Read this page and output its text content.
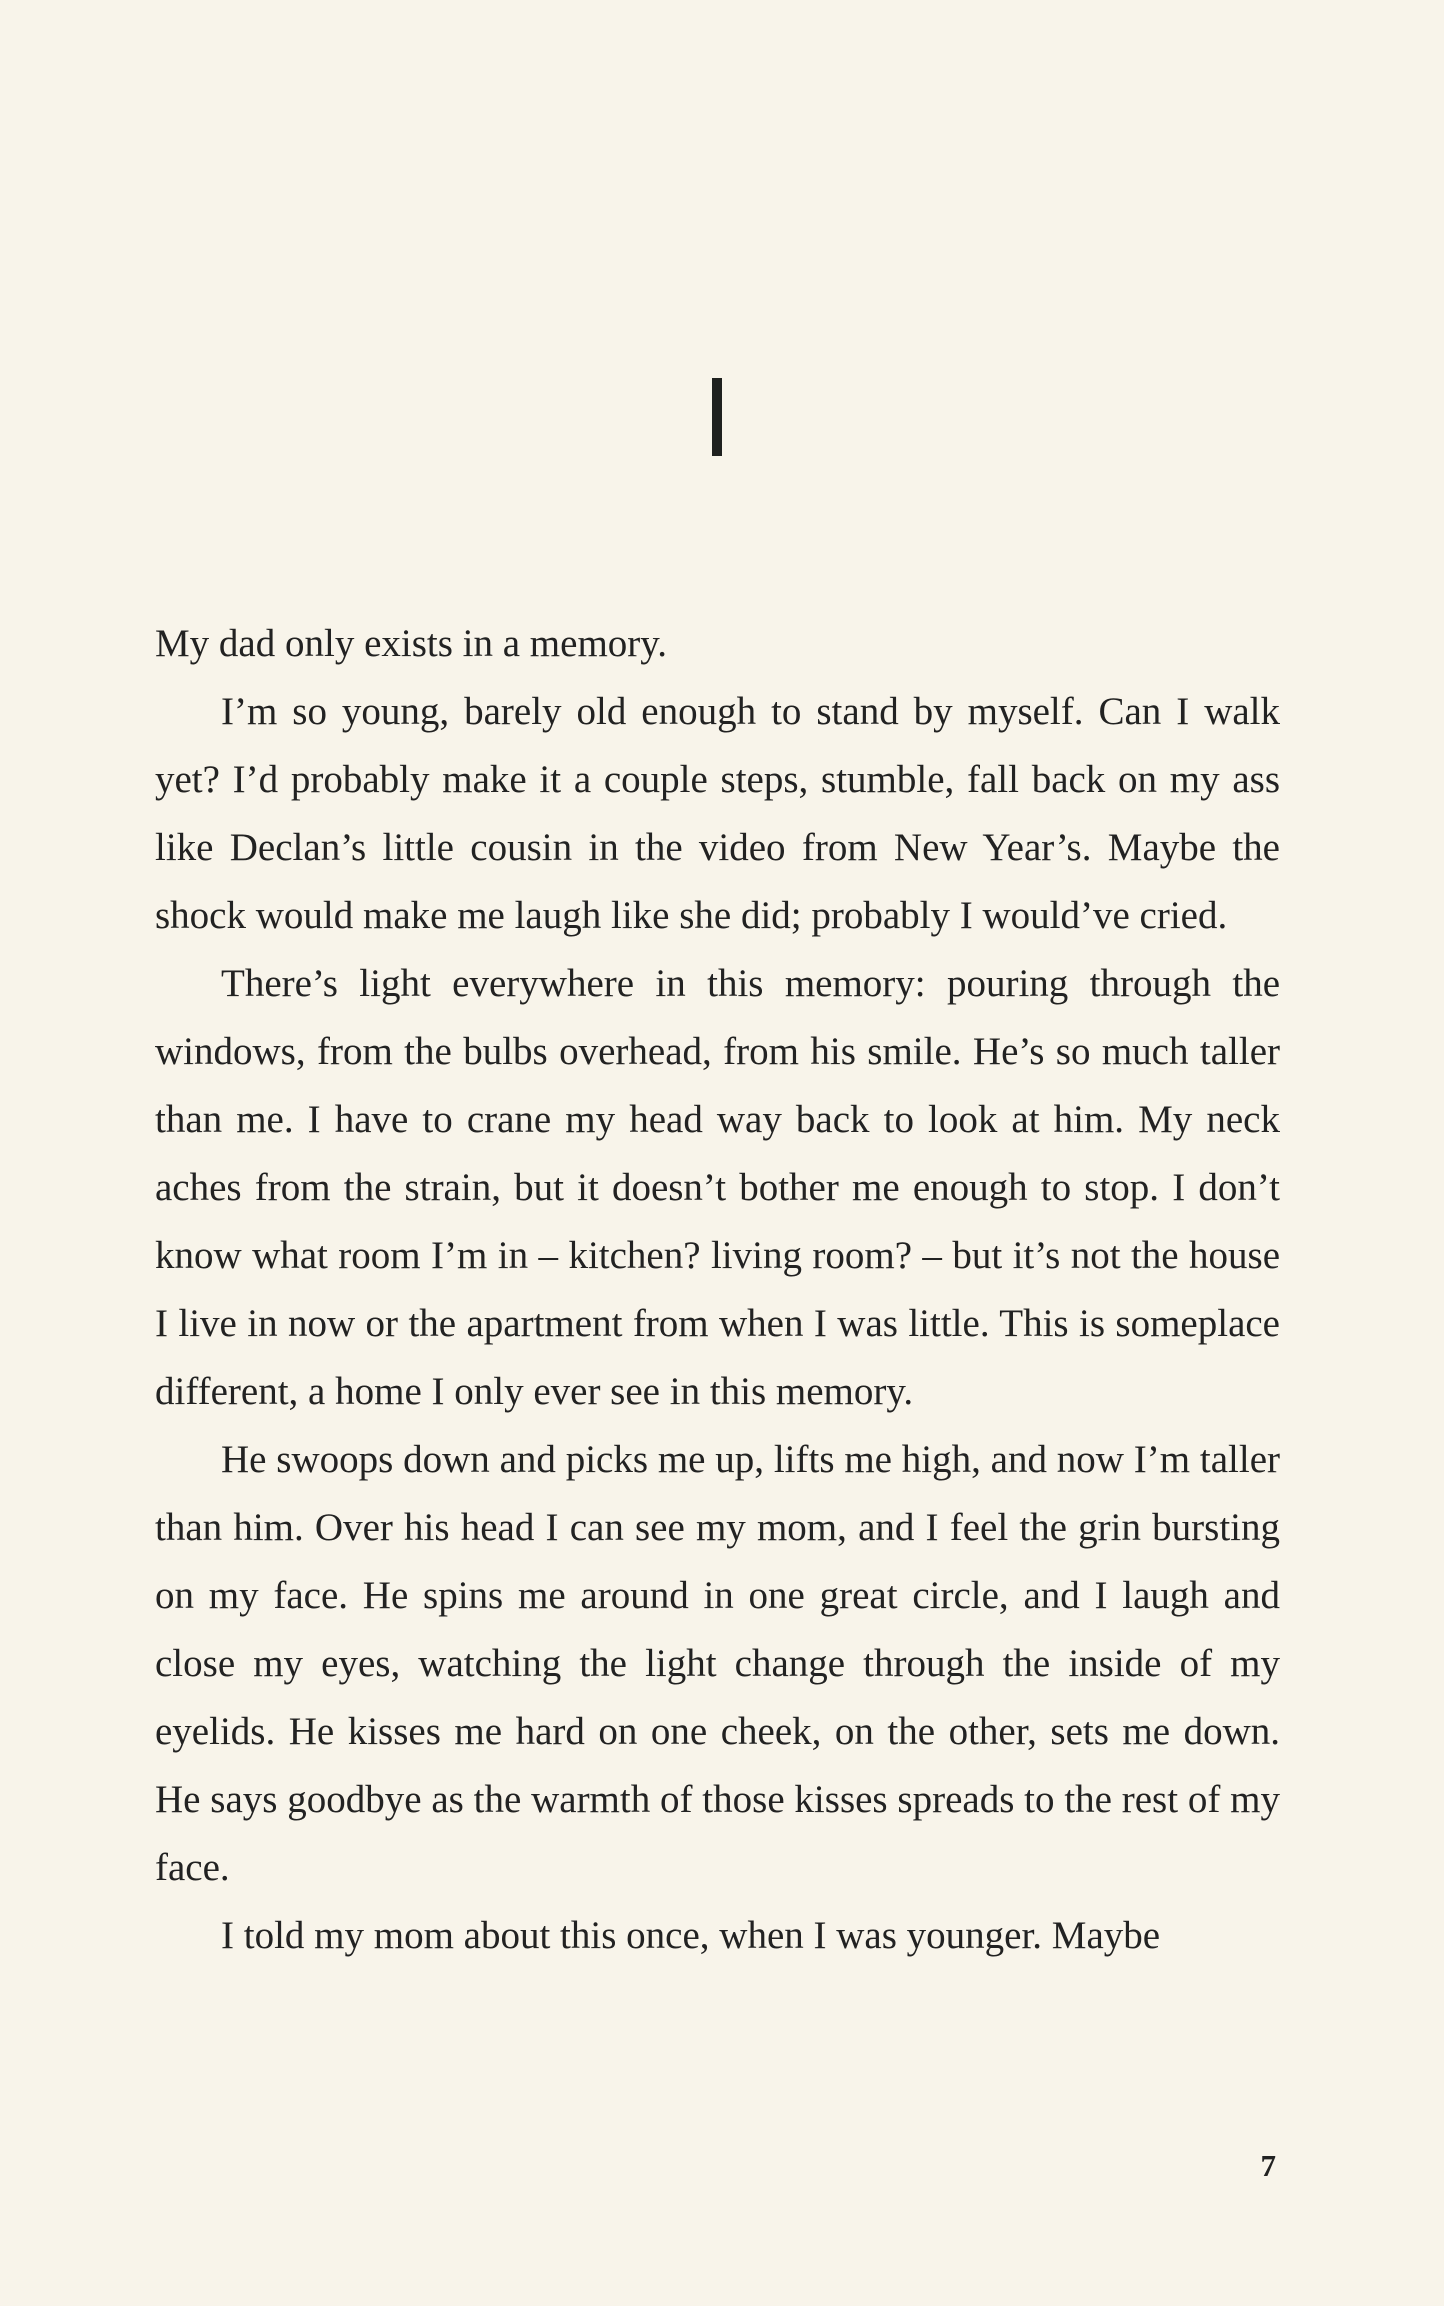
My dad only exists in a memory.

I’m so young, barely old enough to stand by myself. Can I walk yet? I’d probably make it a couple steps, stumble, fall back on my ass like Declan’s little cousin in the video from New Year’s. Maybe the shock would make me laugh like she did; probably I would’ve cried.

There’s light everywhere in this memory: pouring through the windows, from the bulbs overhead, from his smile. He’s so much taller than me. I have to crane my head way back to look at him. My neck aches from the strain, but it doesn’t bother me enough to stop. I don’t know what room I’m in – kitchen? living room? – but it’s not the house I live in now or the apartment from when I was little. This is someplace different, a home I only ever see in this memory.

He swoops down and picks me up, lifts me high, and now I’m taller than him. Over his head I can see my mom, and I feel the grin bursting on my face. He spins me around in one great circle, and I laugh and close my eyes, watching the light change through the inside of my eyelids. He kisses me hard on one cheek, on the other, sets me down. He says goodbye as the warmth of those kisses spreads to the rest of my face.

I told my mom about this once, when I was younger. Maybe

7
